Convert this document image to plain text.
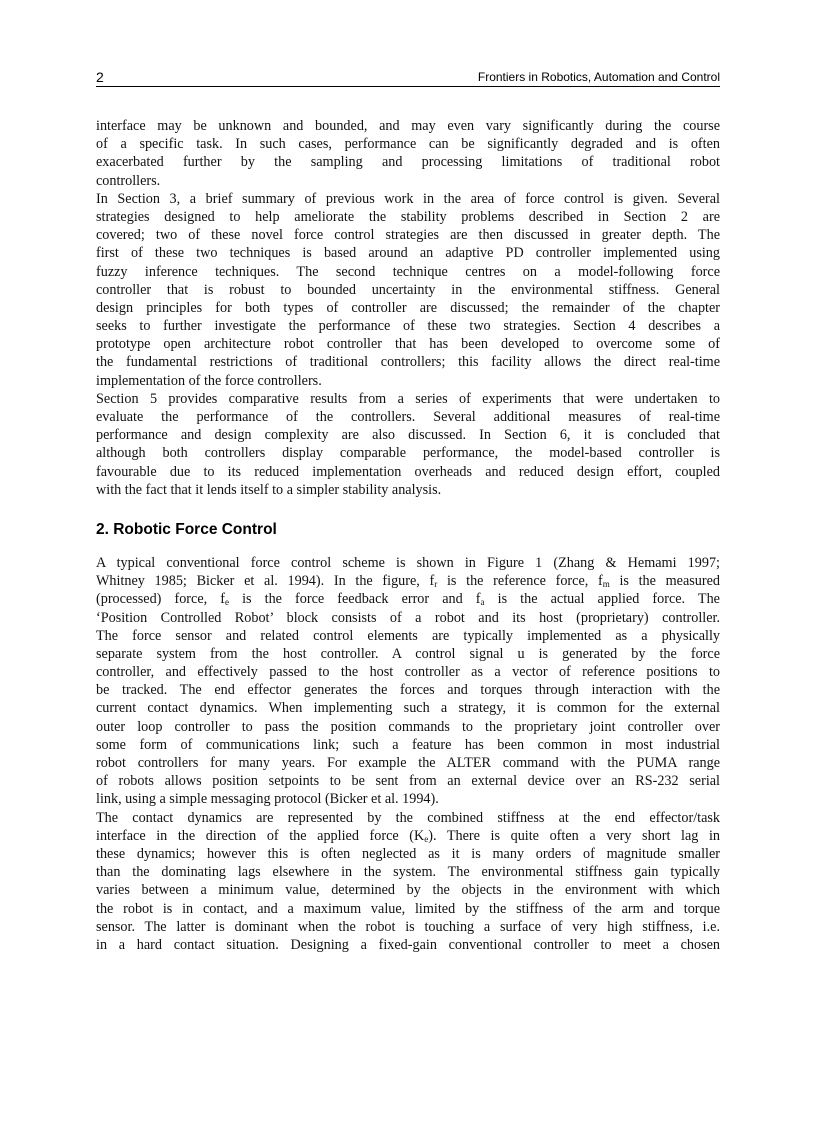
2	Frontiers in Robotics, Automation and Control

interface may be unknown and bounded, and may even vary significantly during the course
of a specific task. In such cases, performance can be significantly degraded and is often
exacerbated further by the sampling and processing limitations of traditional robot
controllers.

In Section 3, a brief summary of previous work in the area of force control is given. Several
strategies designed to help ameliorate the stability problems described in Section 2 are
covered; two of these novel force control strategies are then discussed in greater depth. The
first of these two techniques is based around an adaptive PD controller implemented using
fuzzy inference techniques. The second technique centres on a model-following force
controller that is robust to bounded uncertainty in the environmental stiffness. General
design principles for both types of controller are discussed; the remainder of the chapter
seeks to further investigate the performance of these two strategies. Section 4 describes a
prototype open architecture robot controller that has been developed to overcome some of
the fundamental restrictions of traditional controllers; this facility allows the direct real-time
implementation of the force controllers.

Section 5 provides comparative results from a series of experiments that were undertaken to
evaluate the performance of the controllers. Several additional measures of real-time
performance and design complexity are also discussed. In Section 6, it is concluded that
although both controllers display comparable performance, the model-based controller is
favourable due to its reduced implementation overheads and reduced design effort, coupled
with the fact that it lends itself to a simpler stability analysis.

2. Robotic Force Control

A typical conventional force control scheme is shown in Figure 1 (Zhang & Hemami 1997;
Whitney 1985; Bicker et al. 1994). In the figure, $f_r$ is the reference force, $f_m$ is the measured
(processed) force, $f_e$ is the force feedback error and $f_a$ is the actual applied force. The
‘Position Controlled Robot’ block consists of a robot and its host (proprietary) controller.
The force sensor and related control elements are typically implemented as a physically
separate system from the host controller. A control signal u is generated by the force
controller, and effectively passed to the host controller as a vector of reference positions to
be tracked. The end effector generates the forces and torques through interaction with the
current contact dynamics. When implementing such a strategy, it is common for the external
outer loop controller to pass the position commands to the proprietary joint controller over
some form of communications link; such a feature has been common in most industrial
robot controllers for many years. For example the ALTER command with the PUMA range
of robots allows position setpoints to be sent from an external device over an RS-232 serial
link, using a simple messaging protocol (Bicker et al. 1994).

The contact dynamics are represented by the combined stiffness at the end effector/task
interface in the direction of the applied force $(K_e)$. There is quite often a very short lag in
these dynamics; however this is often neglected as it is many orders of magnitude smaller
than the dominating lags elsewhere in the system. The environmental stiffness gain typically
varies between a minimum value, determined by the objects in the environment with which
the robot is in contact, and a maximum value, limited by the stiffness of the arm and torque
sensor. The latter is dominant when the robot is touching a surface of very high stiffness, i.e.
in a hard contact situation. Designing a fixed-gain conventional controller to meet a chosen
